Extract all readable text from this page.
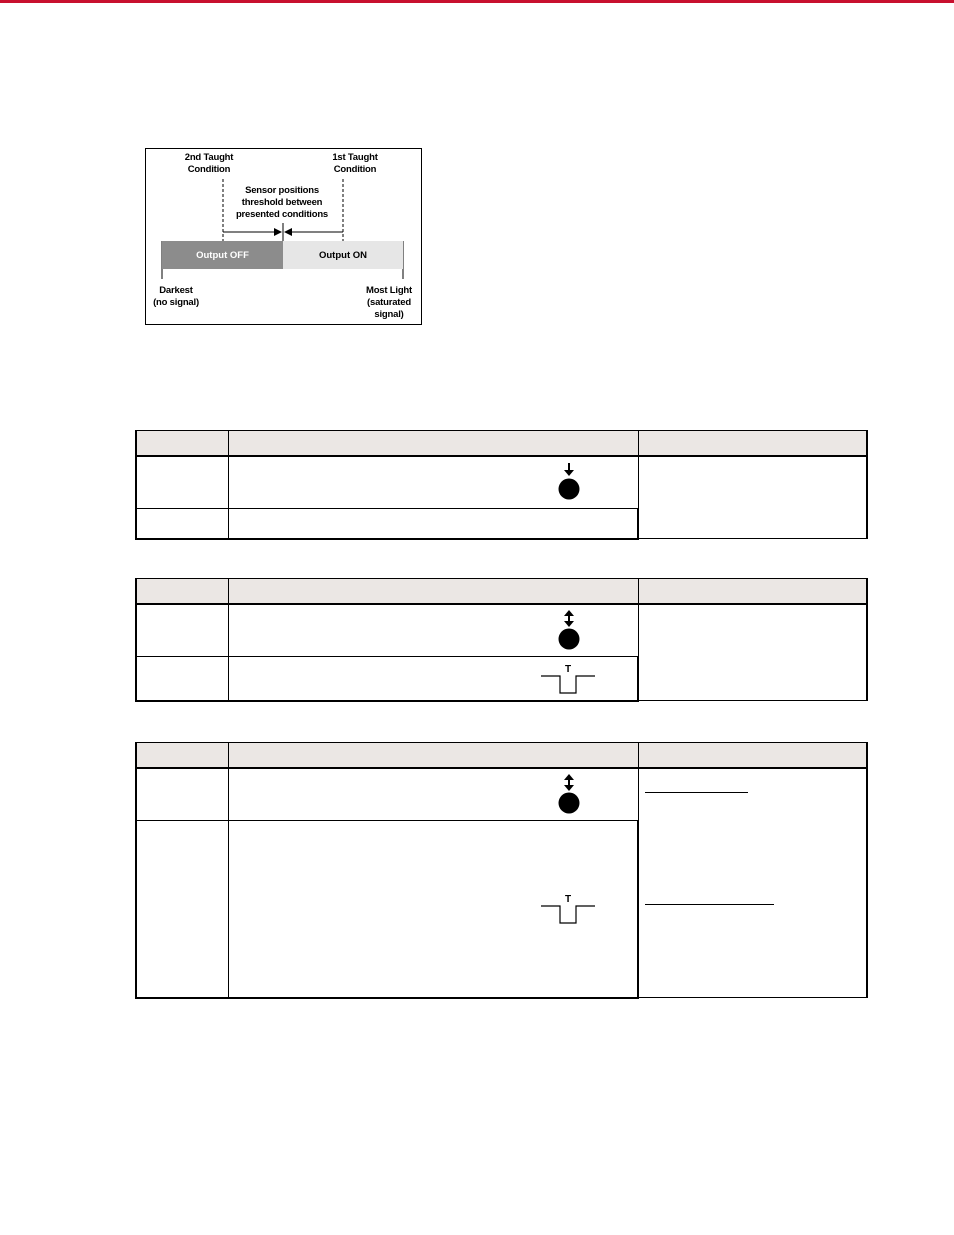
2nd Taught
Condition
1st Taught
Condition
Sensor positions
threshold between
presented conditions
Output OFF	Output ON
Darkest
(no signal)
Most Light
(saturated
signal)

T	

T	
